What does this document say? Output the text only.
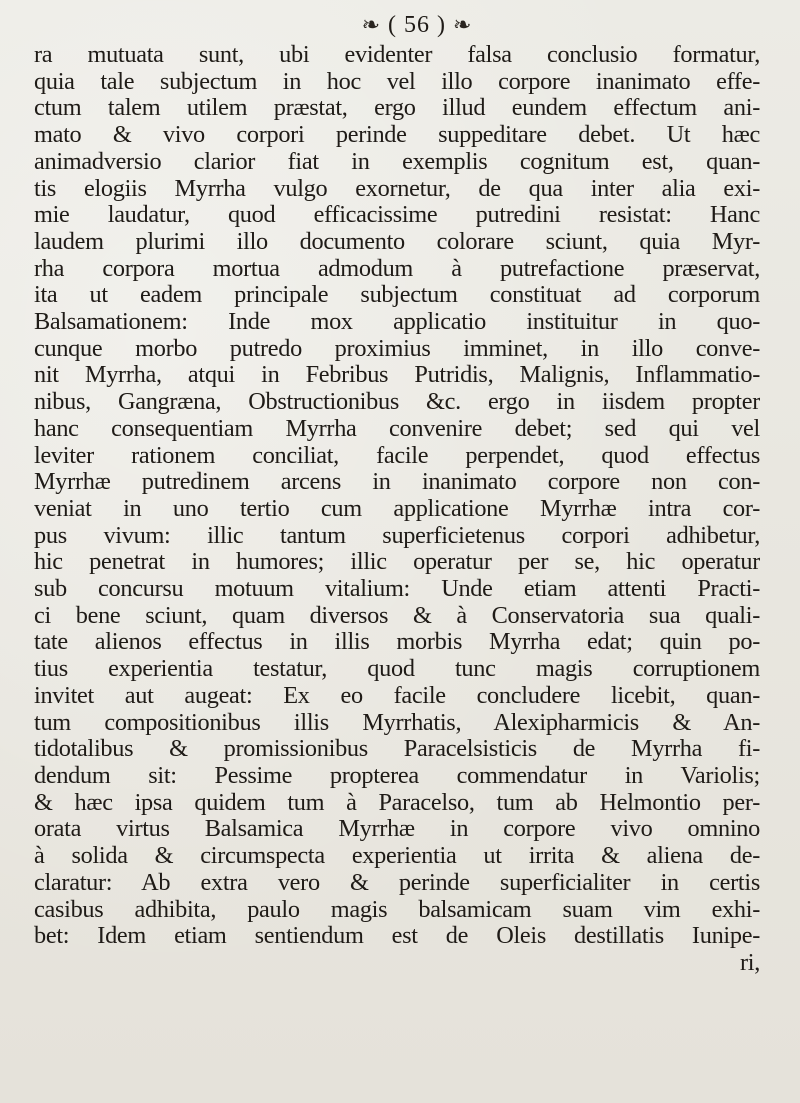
❧ ( 56 ) ❧
ra mutuata sunt, ubi evidenter falsa conclusio formatur,
quia tale subjectum in hoc vel illo corpore inanimato effe-
ctum talem utilem præstat, ergo illud eundem effectum ani-
mato & vivo corpori perinde suppeditare debet. Ut hæc
animadversio clarior fiat in exemplis cognitum est, quan-
tis elogiis Myrrha vulgo exornetur, de qua inter alia exi-
mie laudatur, quod efficacissime putredini resistat: Hanc
laudem plurimi illo documento colorare sciunt, quia Myr-
rha corpora mortua admodum à putrefactione præservat,
ita ut eadem principale subjectum constituat ad corporum
Balsamationem: Inde mox applicatio instituitur in quo-
cunque morbo putredo proximius imminet, in illo conve-
nit Myrrha, atqui in Febribus Putridis, Malignis, Inflammatio-
nibus, Gangræna, Obstructionibus &c. ergo in iisdem propter
hanc consequentiam Myrrha convenire debet; sed qui vel
leviter rationem conciliat, facile perpendet, quod effectus
Myrrhæ putredinem arcens in inanimato corpore non con-
veniat in uno tertio cum applicatione Myrrhæ intra cor-
pus vivum: illic tantum superficietenus corpori adhibetur,
hic penetrat in humores; illic operatur per se, hic operatur
sub concursu motuum vitalium: Unde etiam attenti Practi-
ci bene sciunt, quam diversos & à Conservatoria sua quali-
tate alienos effectus in illis morbis Myrrha edat; quin po-
tius experientia testatur, quod tunc magis corruptionem
invitet aut augeat: Ex eo facile concludere licebit, quan-
tum compositionibus illis Myrrhatis, Alexipharmicis & An-
tidotalibus & promissionibus Paracelsisticis de Myrrha fi-
dendum sit: Pessime propterea commendatur in Variolis;
& hæc ipsa quidem tum à Paracelso, tum ab Helmontio per-
orata virtus Balsamica Myrrhæ in corpore vivo omnino
à solida & circumspecta experientia ut irrita & aliena de-
claratur: Ab extra vero & perinde superficialiter in certis
casibus adhibita, paulo magis balsamicam suam vim exhi-
bet: Idem etiam sentiendum est de Oleis destillatis Iunipe-
ri,
